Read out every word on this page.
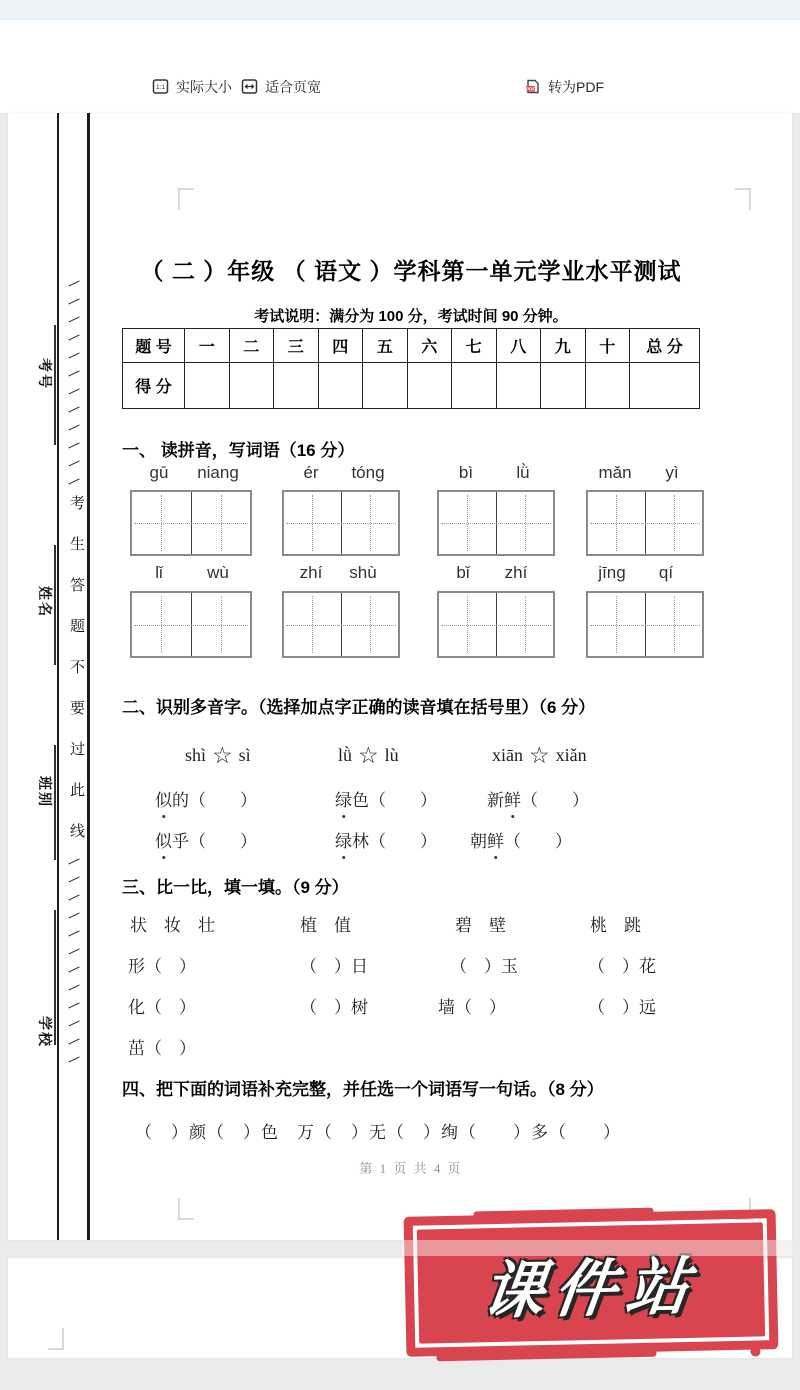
1:1 实际大小 适合页宽	PDF 转为PDF
考号
姓名
班别
学校
考生答题不要过此线
（ 二 ）年级 （ 语文 ）学科第一单元学业水平测试
考试说明：满分为 100 分，考试时间 90 分钟。
题 号	一	二	三	四	五	六	七	八	九	十	总 分
得 分											
一、 读拼音，写词语（16 分）
gū niang	ér tóng	bì	lǜ	mǎn yì
lǐ	wù	zhí shù	bǐ zhí	jīng qí
二、识别多音字。（选择加点字正确的读音填在括号里）（6 分）
shì ☆ sì	lǜ ☆ lù	xiān ☆ xiǎn
似的（　　）	绿色（　　）	新鲜（　　）
似乎（　　）	绿林（　　） 朝鲜（　　）
三、比一比，填一填。（9 分）
状　妆　壮	植　值	碧　壁	桃　跳
形（　）	（　）日	（　）玉	（　）花
化（　）	（　）树	墙（　）	（　）远
茁（　）
四、把下面的词语补充完整，并任选一个词语写一句话。（8 分）
（　）颜（　）色　万（　）无（　）绚（　　）多（　　）
第 1 页 共 4 页
课件站
